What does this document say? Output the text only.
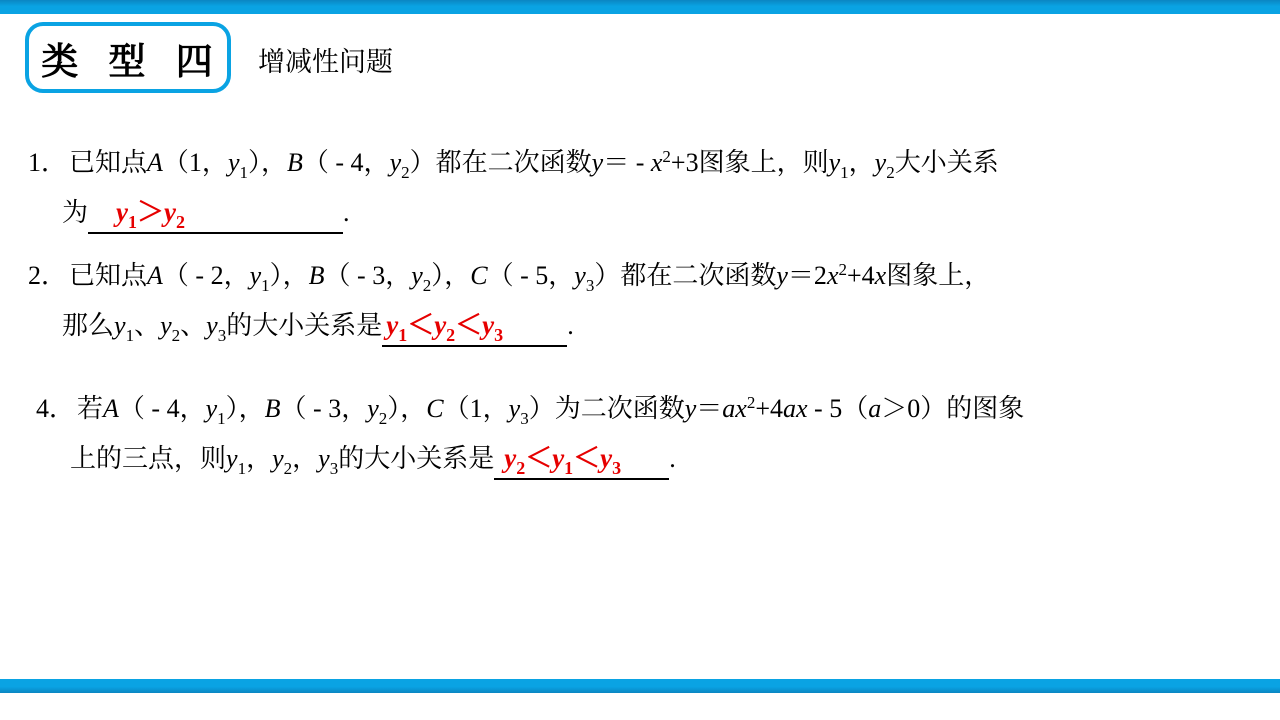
类 型 四 增减性问题
1．已知点A（1，$y_1$），B（ - 4，$y_2$）都在二次函数$y= - x^2+3$图象上，则$y_1$，$y_2$大小关系
为 $y_1>y_2$	.
2．已知点A（ - 2，$y_1$），B（ - 3，$y_2$），C（ - 5，$y_3$）都在二次函数$y=2x^2+4x$图象上，
那么$y_1$、$y_2$、$y_3$的大小关系是 $y_1<y_2<y_3$ .
4．若A（ - 4，$y_1$），B（ - 3，$y_2$），C（1，$y_3$）为二次函数$y=ax^2+4ax - 5(a>0)$的图象
上的三点，则$y_1$，$y_2$，$y_3$的大小关系是 $y_2<y_1<y_3$ .
